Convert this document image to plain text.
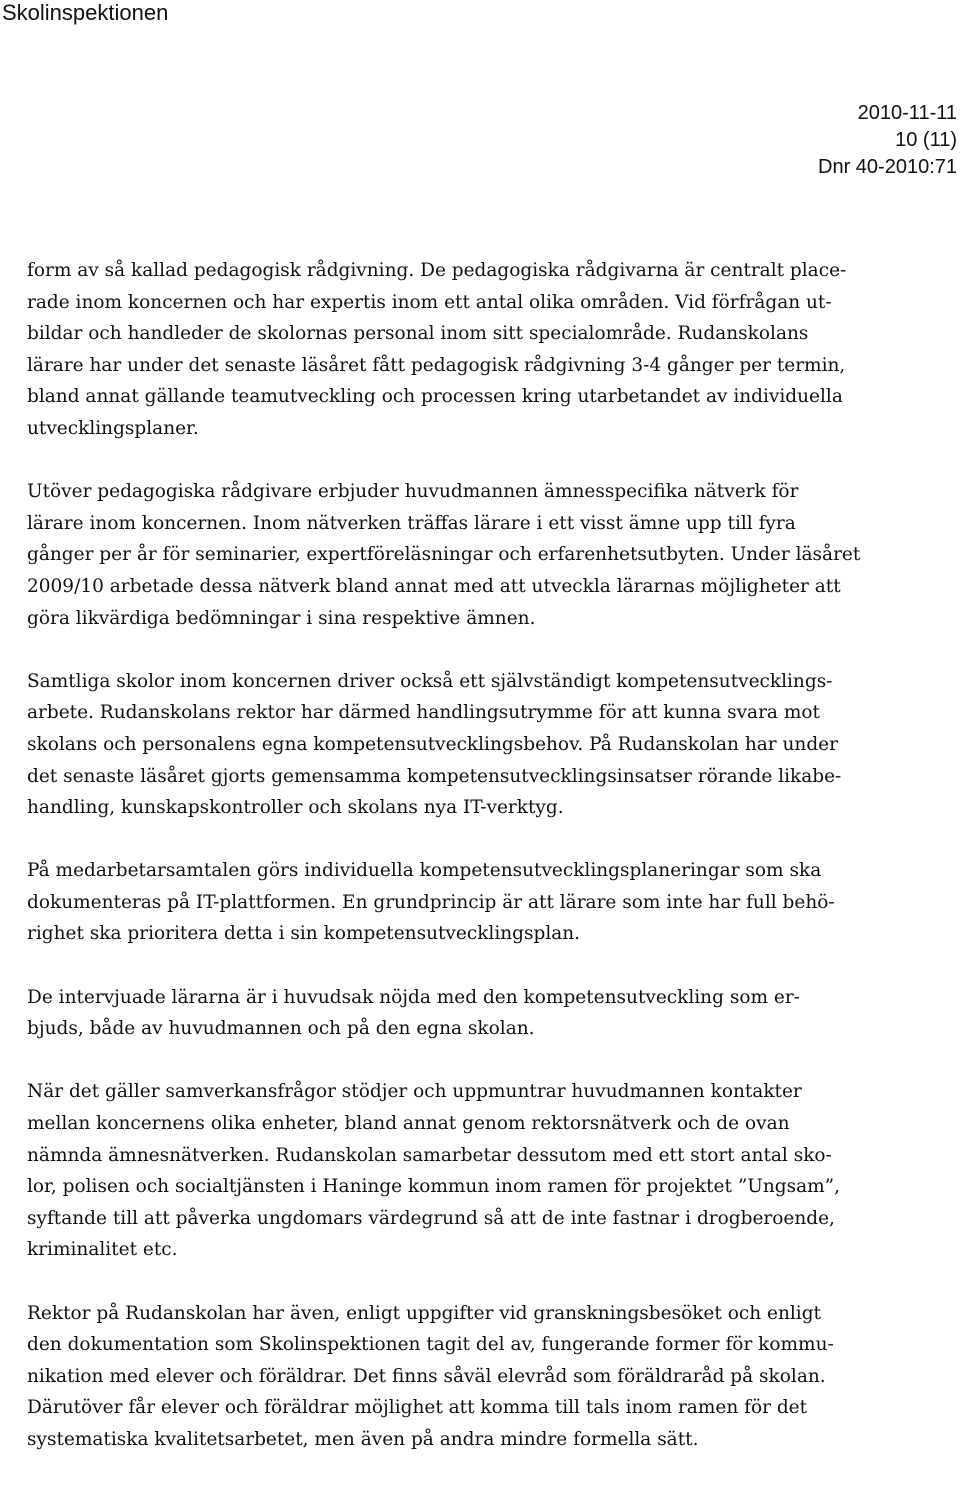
Skolinspektionen
2010-11-11
10 (11)
Dnr 40-2010:71

form av så kallad pedagogisk rådgivning. De pedagogiska rådgivarna är centralt place-
rade inom koncernen och har expertis inom ett antal olika områden. Vid förfrågan ut-
bildar och handleder de skolornas personal inom sitt specialområde. Rudanskolans
lärare har under det senaste läsåret fått pedagogisk rådgivning 3-4 gånger per termin,
bland annat gällande teamutveckling och processen kring utarbetandet av individuella
utvecklingsplaner.

Utöver pedagogiska rådgivare erbjuder huvudmannen ämnesspecifika nätverk för
lärare inom koncernen. Inom nätverken träffas lärare i ett visst ämne upp till fyra
gånger per år för seminarier, expertföreläsningar och erfarenhetsutbyten. Under läsåret
2009/10 arbetade dessa nätverk bland annat med att utveckla lärarnas möjligheter att
göra likvärdiga bedömningar i sina respektive ämnen.

Samtliga skolor inom koncernen driver också ett självständigt kompetensutvecklings-
arbete. Rudanskolans rektor har därmed handlingsutrymme för att kunna svara mot
skolans och personalens egna kompetensutvecklingsbehov. På Rudanskolan har under
det senaste läsåret gjorts gemensamma kompetensutvecklingsinsatser rörande likabe-
handling, kunskapskontroller och skolans nya IT-verktyg.

På medarbetarsamtalen görs individuella kompetensutvecklingsplaneringar som ska
dokumenteras på IT-plattformen. En grundprincip är att lärare som inte har full behö-
righet ska prioritera detta i sin kompetensutvecklingsplan.

De intervjuade lärarna är i huvudsak nöjda med den kompetensutveckling som er-
bjuds, både av huvudmannen och på den egna skolan.

När det gäller samverkansfrågor stödjer och uppmuntrar huvudmannen kontakter
mellan koncernens olika enheter, bland annat genom rektorsnätverk och de ovan
nämnda ämnesnätverken. Rudanskolan samarbetar dessutom med ett stort antal sko-
lor, polisen och socialtjänsten i Haninge kommun inom ramen för projektet ”Ungsam”,
syftande till att påverka ungdomars värdegrund så att de inte fastnar i drogberoende,
kriminalitet etc.

Rektor på Rudanskolan har även, enligt uppgifter vid granskningsbesöket och enligt
den dokumentation som Skolinspektionen tagit del av, fungerande former för kommu-
nikation med elever och föräldrar. Det finns såväl elevråd som föräldraråd på skolan.
Därutöver får elever och föräldrar möjlighet att komma till tals inom ramen för det
systematiska kvalitetsarbetet, men även på andra mindre formella sätt.
